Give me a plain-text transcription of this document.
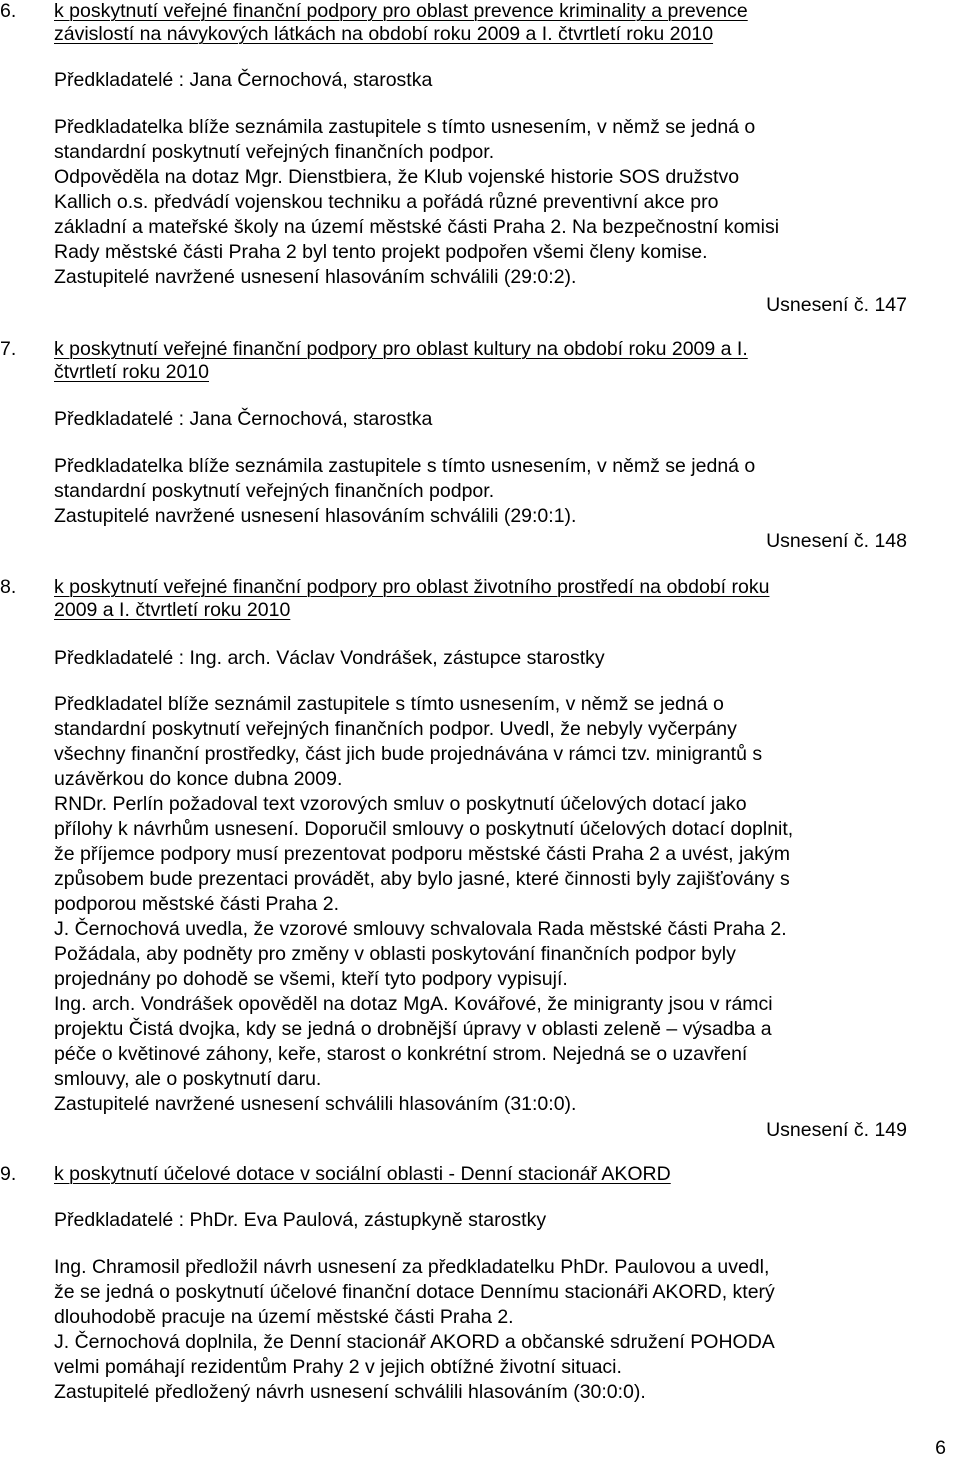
6. k poskytnutí veřejné finanční podpory pro oblast prevence kriminality a prevence
závislostí na návykových látkách na období roku 2009 a I. čtvrtletí roku 2010
Předkladatelé : Jana Černochová, starostka
Předkladatelka blíže seznámila zastupitele s tímto usnesením, v němž se jedná o
standardní poskytnutí veřejných finančních podpor.
Odpověděla na dotaz Mgr. Dienstbiera, že Klub vojenské historie SOS družstvo
Kallich o.s. předvádí vojenskou techniku a pořádá různé preventivní akce pro
základní a mateřské školy na území městské části Praha 2. Na bezpečnostní komisi
Rady městské části Praha 2 byl tento projekt podpořen všemi členy komise.
Zastupitelé navržené usnesení hlasováním schválili (29:0:2).
Usnesení č. 147
7. k poskytnutí veřejné finanční podpory pro oblast kultury na období roku 2009 a I.
čtvrtletí roku 2010
Předkladatelé : Jana Černochová, starostka
Předkladatelka blíže seznámila zastupitele s tímto usnesením, v němž se jedná o
standardní poskytnutí veřejných finančních podpor.
Zastupitelé navržené usnesení hlasováním schválili (29:0:1).
Usnesení č. 148
8. k poskytnutí veřejné finanční podpory pro oblast životního prostředí na období roku
2009 a I. čtvrtletí roku 2010
Předkladatelé : Ing. arch. Václav Vondrášek, zástupce starostky
Předkladatel blíže seznámil zastupitele s tímto usnesením, v němž se jedná o
standardní poskytnutí veřejných finančních podpor. Uvedl, že nebyly vyčerpány
všechny finanční prostředky, část jich bude projednávána v rámci tzv. minigrantů s
uzávěrkou do konce dubna 2009.
RNDr. Perlín požadoval text vzorových smluv o poskytnutí účelových dotací jako
přílohy k návrhům usnesení. Doporučil smlouvy o poskytnutí účelových dotací doplnit,
že příjemce podpory musí prezentovat podporu městské části Praha 2 a uvést, jakým
způsobem bude prezentaci provádět, aby bylo jasné, které činnosti byly zajišťovány s
podporou městské části Praha 2.
J. Černochová uvedla, že vzorové smlouvy schvalovala Rada městské části Praha 2.
Požádala, aby podněty pro změny v oblasti poskytování finančních podpor byly
projednány po dohodě se všemi, kteří tyto podpory vypisují.
Ing. arch. Vondrášek opověděl na dotaz MgA. Kovářové, že minigranty jsou v rámci
projektu Čistá dvojka, kdy se jedná o drobnější úpravy v oblasti zeleně – výsadba a
péče o květinové záhony, keře, starost o konkrétní strom. Nejedná se o uzavření
smlouvy, ale o poskytnutí daru.
Zastupitelé navržené usnesení schválili hlasováním (31:0:0).
Usnesení č. 149
9. k poskytnutí účelové dotace v sociální oblasti - Denní stacionář AKORD
Předkladatelé : PhDr. Eva Paulová, zástupkyně starostky
Ing. Chramosil předložil návrh usnesení za předkladatelku PhDr. Paulovou a uvedl,
že se jedná o poskytnutí účelové finanční dotace Dennímu stacionáři AKORD, který
dlouhodobě pracuje na území městské části Praha 2.
J. Černochová doplnila, že Denní stacionář AKORD a občanské sdružení POHODA
velmi pomáhají rezidentům Prahy 2 v jejich obtížné životní situaci.
Zastupitelé předložený návrh usnesení schválili hlasováním (30:0:0).
6
